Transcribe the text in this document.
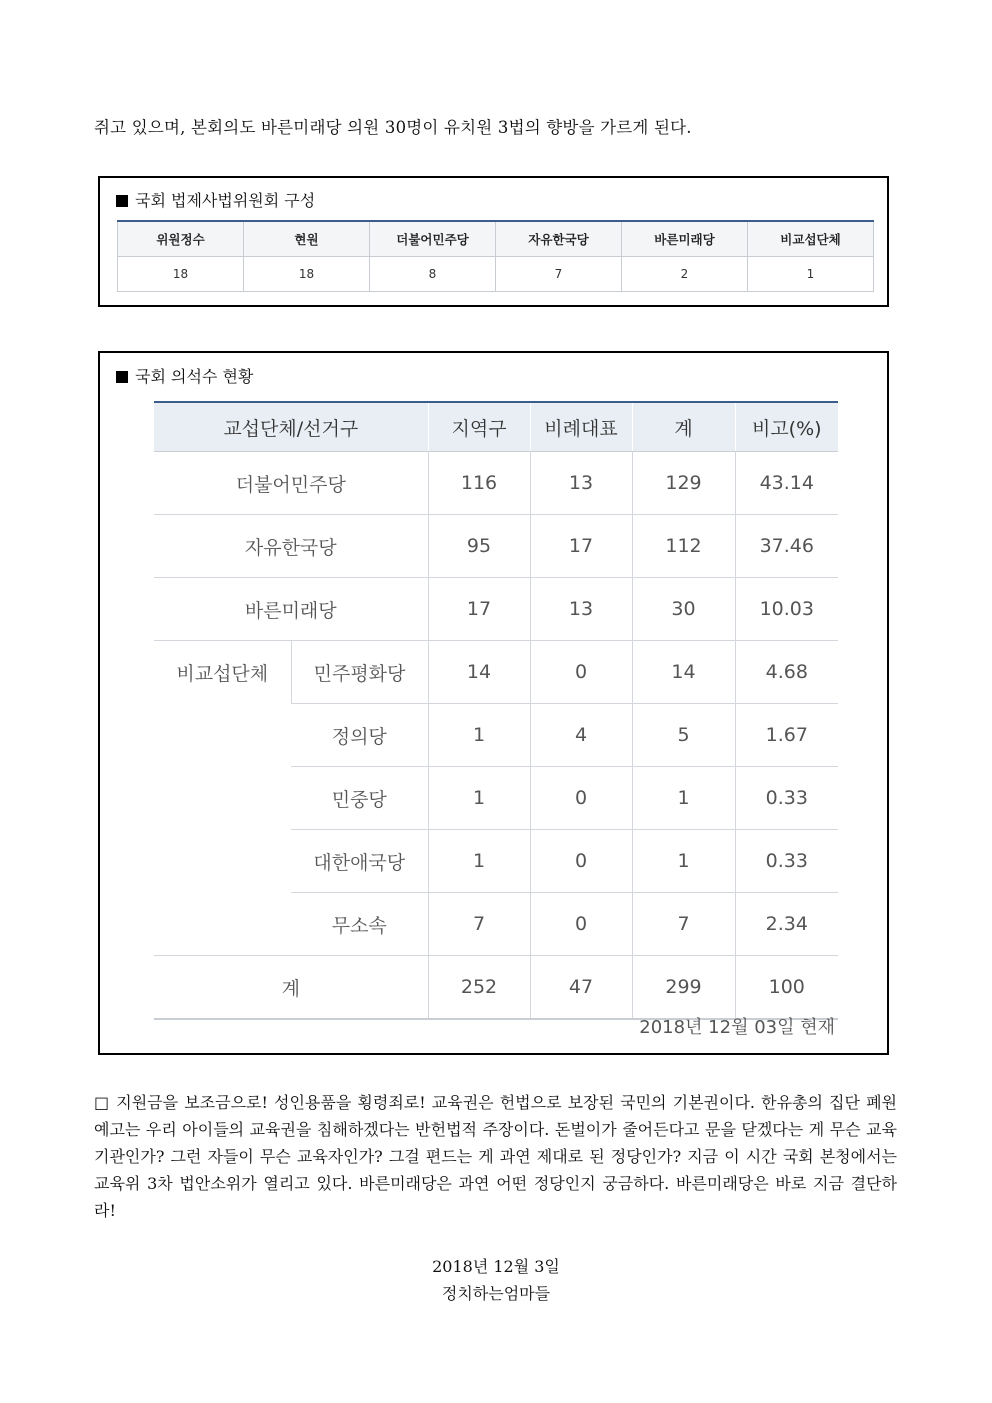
쥐고 있으며, 본회의도 바른미래당 의원 30명이 유치원 3법의 향방을 가르게 된다.
국회 법제사법위원회 구성
위원정수	현원	더불어민주당	자유한국당	바른미래당	비교섭단체
18	18	8	7	2	1
국회 의석수 현황
교섭단체/선거구		지역구	비례대표	계	비고(%)
더불어민주당		116	13	129	43.14
자유한국당		95	17	112	37.46
바른미래당		17	13	30	10.03
비교섭단체	민주평화당	14	0	14	4.68
	정의당	1	4	5	1.67
	민중당	1	0	1	0.33
	대한애국당	1	0	1	0.33
	무소속	7	0	7	2.34
계		252	47	299	100
2018년 12월 03일 현재
□ 지원금을 보조금으로! 성인용품을 횡령죄로! 교육권은 헌법으로 보장된 국민의 기본권이다. 한유총의 집단 폐원 예고는 우리 아이들의 교육권을 침해하겠다는 반헌법적 주장이다. 돈벌이가 줄어든다고 문을 닫겠다는 게 무슨 교육기관인가? 그런 자들이 무슨 교육자인가? 그걸 편드는 게 과연 제대로 된 정당인가? 지금 이 시간 국회 본청에서는 교육위 3차 법안소위가 열리고 있다. 바른미래당은 과연 어떤 정당인지 궁금하다. 바른미래당은 바로 지금 결단하라!
2018년 12월 3일
정치하는엄마들
